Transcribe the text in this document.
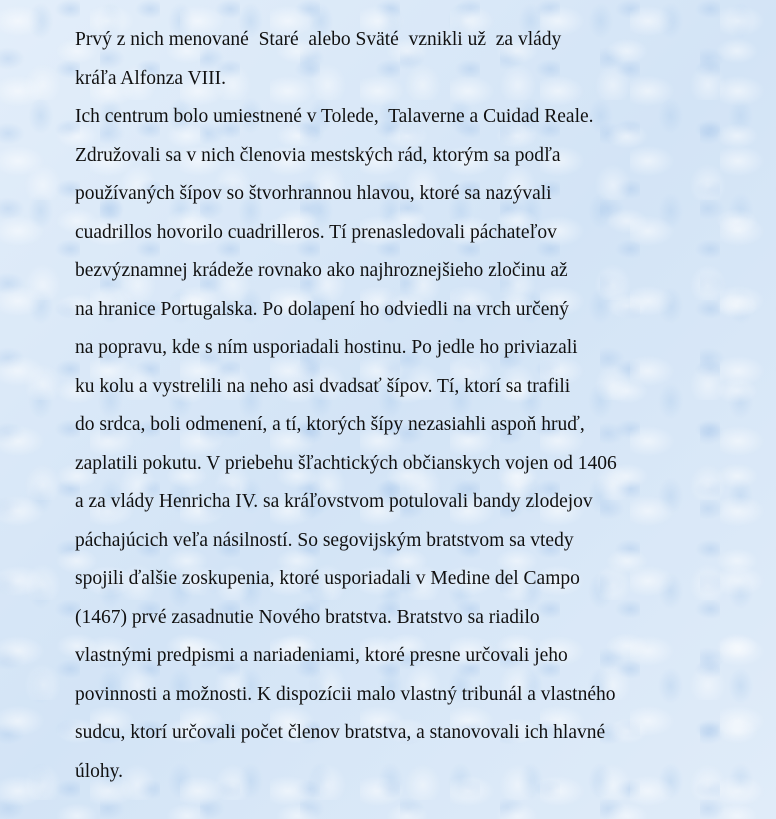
Prvý z nich menované  Staré  alebo Sväté  vznikli už  za vlády
kráľa Alfonza VIII.
Ich centrum bolo umiestnené v Tolede,  Talaverne a Cuidad Reale.
Združovali sa v nich členovia mestských rád, ktorým sa podľa
používaných šípov so štvorhrannou hlavou, ktoré sa nazývali
cuadrillos hovorilo cuadrilleros. Tí prenasledovali páchateľov
bezvýznamnej krádeže rovnako ako najhroznejšieho zločinu až
na hranice Portugalska. Po dolapení ho odviedli na vrch určený
na popravu, kde s ním usporiadali hostinu. Po jedle ho priviazali
ku kolu a vystrelili na neho asi dvadsať šípov. Tí, ktorí sa trafili
do srdca, boli odmenení, a tí, ktorých šípy nezasiahli aspoň hruď,
zaplatili pokutu. V priebehu šľachtických občianskych vojen od 1406
a za vlády Henricha IV. sa kráľovstvom potulovali bandy zlodejov
páchajúcich veľa násilností. So segovijským bratstvom sa vtedy
spojili ďalšie zoskupenia, ktoré usporiadali v Medine del Campo
(1467) prvé zasadnutie Nového bratstva. Bratstvo sa riadilo
vlastnými predpismi a nariadeniami, ktoré presne určovali jeho
povinnosti a možnosti. K dispozícii malo vlastný tribunál a vlastného
sudcu, ktorí určovali počet členov bratstva, a stanovovali ich hlavné
úlohy.
